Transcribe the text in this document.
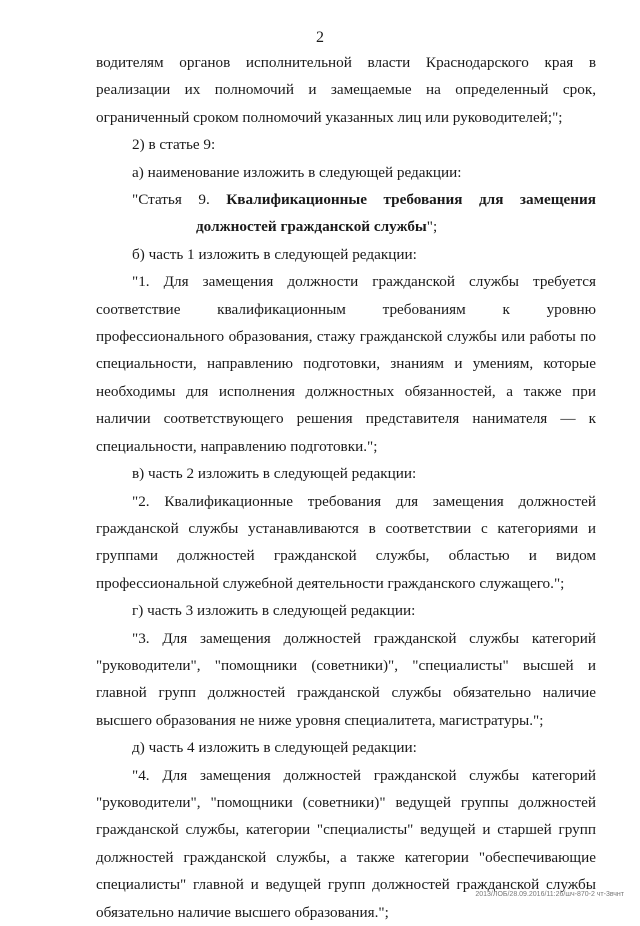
2

водителям органов исполнительной власти Краснодарского края в реализации их полномочий и замещаемые на определенный срок, ограниченный сроком полномочий указанных лиц или руководителей;";

2) в статье 9:

а) наименование изложить в следующей редакции:

"Статья 9. Квалификационные требования для замещения должностей гражданской службы";

б) часть 1 изложить в следующей редакции:

"1. Для замещения должности гражданской службы требуется соответствие квалификационным требованиям к уровню профессионального образования, стажу гражданской службы или работы по специальности, направлению подготовки, знаниям и умениям, которые необходимы для исполнения должностных обязанностей, а также при наличии соответствующего решения представителя нанимателя — к специальности, направлению подготовки.";

в) часть 2 изложить в следующей редакции:

"2. Квалификационные требования для замещения должностей гражданской службы устанавливаются в соответствии с категориями и группами должностей гражданской службы, областью и видом профессиональной служебной деятельности гражданского служащего.";

г) часть 3 изложить в следующей редакции:

"3. Для замещения должностей гражданской службы категорий "руководители", "помощники (советники)", "специалисты" высшей и главной групп должностей гражданской службы обязательно наличие высшего образования не ниже уровня специалитета, магистратуры.";

д) часть 4 изложить в следующей редакции:

"4. Для замещения должностей гражданской службы категорий "руководители", "помощники (советники)" ведущей группы должностей гражданской службы, категории "специалисты" ведущей и старшей групп должностей гражданской службы, а также категории "обеспечивающие специалисты" главной и ведущей групп должностей гражданской службы обязательно наличие высшего образования.";

2013/ЛОБ/28.09.2016/11:26/шч-870-2 чт-3вчнт
